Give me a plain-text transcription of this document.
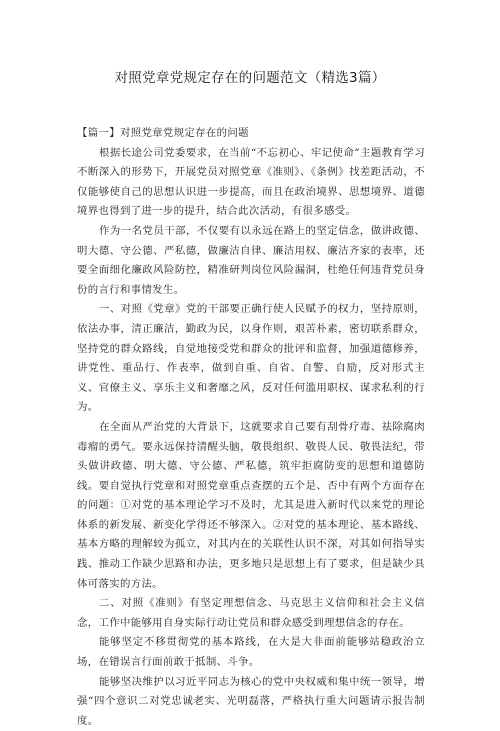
对照党章党规定存在的问题范文（精选3篇）

【篇一】对照党章党规定存在的问题

根据长途公司党委要求，在当前“不忘初心、牢记使命”主题教育学习不断深入的形势下，开展党员对照党章《准则》、《条例》找差距活动，不仅能够使自己的思想认识进一步提高，而且在政治境界、思想境界、道德境界也得到了进一步的提升，结合此次活动，有很多感受。

作为一名党员干部，不仅要有以永远在路上的坚定信念，做讲政德、明大德、守公德、严私德，做廉洁自律、廉洁用权、廉洁齐家的表率，还要全面细化廉政风险防控，精准研判岗位风险漏洞，杜绝任何违背党员身份的言行和事情发生。

一、对照《党章》党的干部要正确行使人民赋予的权力，坚持原则，依法办事，清正廉洁，勤政为民，以身作则，艰苦朴素，密切联系群众，坚持党的群众路线，自觉地接受党和群众的批评和监督，加强道德修养，讲党性、重品行、作表率，做到自重、自省、自警、自励，反对形式主义、官僚主义、享乐主义和奢靡之风，反对任何滥用职权、谋求私利的行为。

在全面从严治党的大背景下，这就要求自己要有刮骨疗毒、祛除腐肉毒瘤的勇气。要永远保持清醒头脑，敬畏组织、敬畏人民、敬畏法纪，带头做讲政德、明大德、守公德、严私德，筑牢拒腐防变的思想和道德防线。要自觉执行党章和对照党章重点查摆的五个是、否中有两个方面存在的问题：①对党的基本理论学习不及时，尤其是进入新时代以来党的理论体系的新发展、新变化学得还不够深入。②对党的基本理论、基本路线、基本方略的理解较为孤立，对其内在的关联性认识不深，对其如何指导实践、推动工作缺少思路和办法，更多地只是思想上有了要求，但是缺少具体可落实的方法。

二、对照《准则》有坚定理想信念、马克思主义信仰和社会主义信念，工作中能够用自身实际行动让党员和群众感受到理想信念的存在。

能够坚定不移贯彻党的基本路线，在大是大非面前能够站稳政治立场，在错误言行面前敢于抵制、斗争。

能够坚决维护以习近平同志为核心的党中央权威和集中统一领导，增强“四个意识二对党忠诚老实、光明磊落，严格执行重大问题请示报告制度。
